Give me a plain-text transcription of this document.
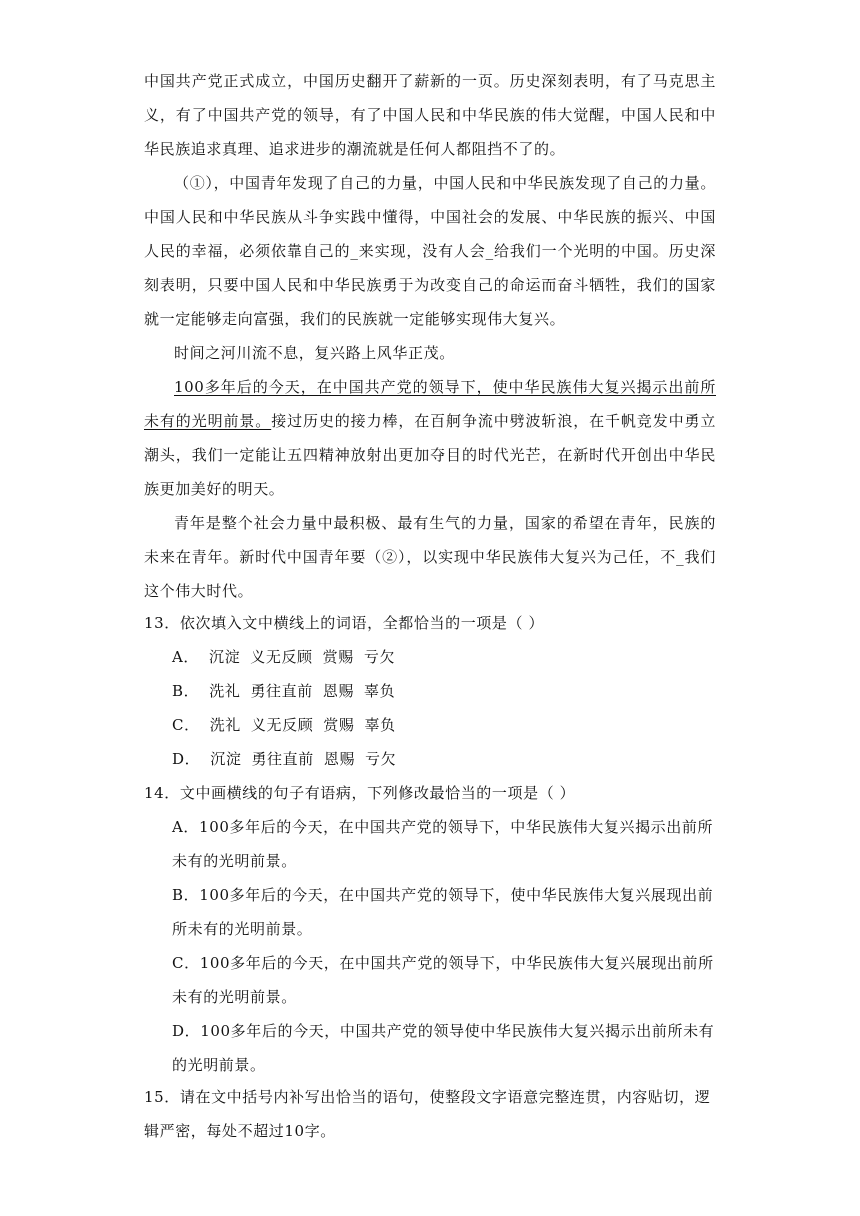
中国共产党正式成立，中国历史翻开了薪新的一页。历史深刻表明，有了马克思主义，有了中国共产党的领导，有了中国人民和中华民族的伟大觉醒，中国人民和中华民族追求真理、追求进步的潮流就是任何人都阻挡不了的。
（①），中国青年发现了自己的力量，中国人民和中华民族发现了自己的力量。中国人民和中华民族从斗争实践中懂得，中国社会的发展、中华民族的振兴、中国人民的幸福，必须依靠自己的_来实现，没有人会_给我们一个光明的中国。历史深刻表明，只要中国人民和中华民族勇于为改变自己的命运而奋斗牺牲，我们的国家就一定能够走向富强，我们的民族就一定能够实现伟大复兴。
时间之河川流不息，复兴路上风华正茂。
100多年后的今天，在中国共产党的领导下，使中华民族伟大复兴揭示出前所未有的光明前景。接过历史的接力棒，在百舸争流中劈波斩浪，在千帆竞发中勇立潮头，我们一定能让五四精神放射出更加夺目的时代光芒，在新时代开创出中华民族更加美好的明天。
青年是整个社会力量中最积极、最有生气的力量，国家的希望在青年，民族的未来在青年。新时代中国青年要（②），以实现中华民族伟大复兴为己任，不_我们这个伟大时代。
13．依次填入文中横线上的词语，全都恰当的一项是（ ）
A． 沉淀 义无反顾 赏赐 亏欠
B． 洗礼 勇往直前 恩赐 辜负
C． 洗礼 义无反顾 赏赐 辜负
D． 沉淀 勇往直前 恩赐 亏欠
14．文中画横线的句子有语病，下列修改最恰当的一项是（ ）
A．100多年后的今天，在中国共产党的领导下，中华民族伟大复兴揭示出前所未有的光明前景。
B．100多年后的今天，在中国共产党的领导下，使中华民族伟大复兴展现出前所未有的光明前景。
C．100多年后的今天，在中国共产党的领导下，中华民族伟大复兴展现出前所未有的光明前景。
D．100多年后的今天，中国共产党的领导使中华民族伟大复兴揭示出前所未有的光明前景。
15．请在文中括号内补写出恰当的语句，使整段文字语意完整连贯，内容贴切，逻辑严密，每处不超过10字。
